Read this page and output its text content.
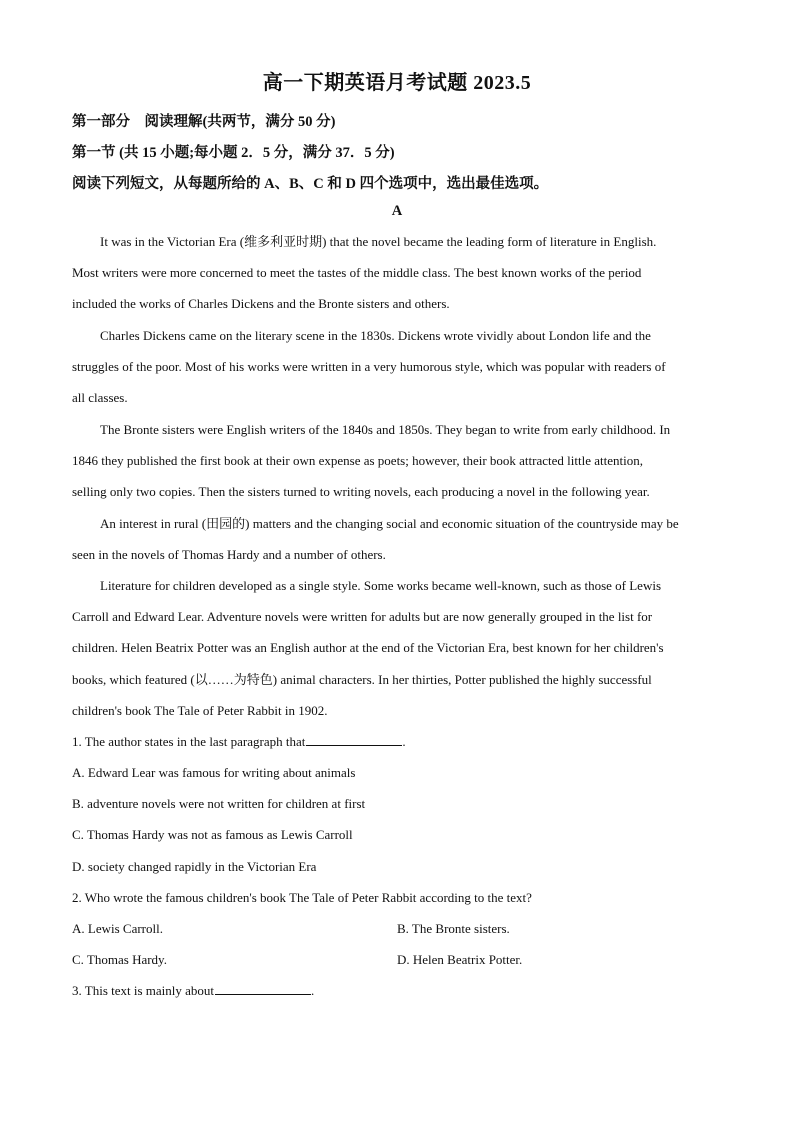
高一下期英语月考试题 2023.5
第一部分　阅读理解(共两节，满分 50 分)
第一节 (共 15 小题;每小题 2．5 分，满分 37．5 分)
阅读下列短文，从每题所给的 A、B、C 和 D 四个选项中，选出最佳选项。
A
It was in the Victorian Era (维多利亚时期) that the novel became the leading form of literature in English.
Most writers were more concerned to meet the tastes of the middle class. The best known works of the period
included the works of Charles Dickens and the Bronte sisters and others.
Charles Dickens came on the literary scene in the 1830s. Dickens wrote vividly about London life and the
struggles of the poor. Most of his works were written in a very humorous style, which was popular with readers of
all classes.
The Bronte sisters were English writers of the 1840s and 1850s. They began to write from early childhood. In
1846 they published the first book at their own expense as poets; however, their book attracted little attention,
selling only two copies. Then the sisters turned to writing novels, each producing a novel in the following year.
An interest in rural (田园的) matters and the changing social and economic situation of the countryside may be
seen in the novels of Thomas Hardy and a number of others.
Literature for children developed as a single style. Some works became well-known, such as those of Lewis
Carroll and Edward Lear. Adventure novels were written for adults but are now generally grouped in the list for
children. Helen Beatrix Potter was an English author at the end of the Victorian Era, best known for her children's
books, which featured (以……为特色) animal characters. In her thirties, Potter published the highly successful
children's book The Tale of Peter Rabbit in 1902.
1. The author states in the last paragraph that	.
A. Edward Lear was famous for writing about animals
B. adventure novels were not written for children at first
C. Thomas Hardy was not as famous as Lewis Carroll
D. society changed rapidly in the Victorian Era
2. Who wrote the famous children's book The Tale of Peter Rabbit according to the text?
A. Lewis Carroll.	B. The Bronte sisters.
C. Thomas Hardy.	D. Helen Beatrix Potter.
3. This text is mainly about	.
